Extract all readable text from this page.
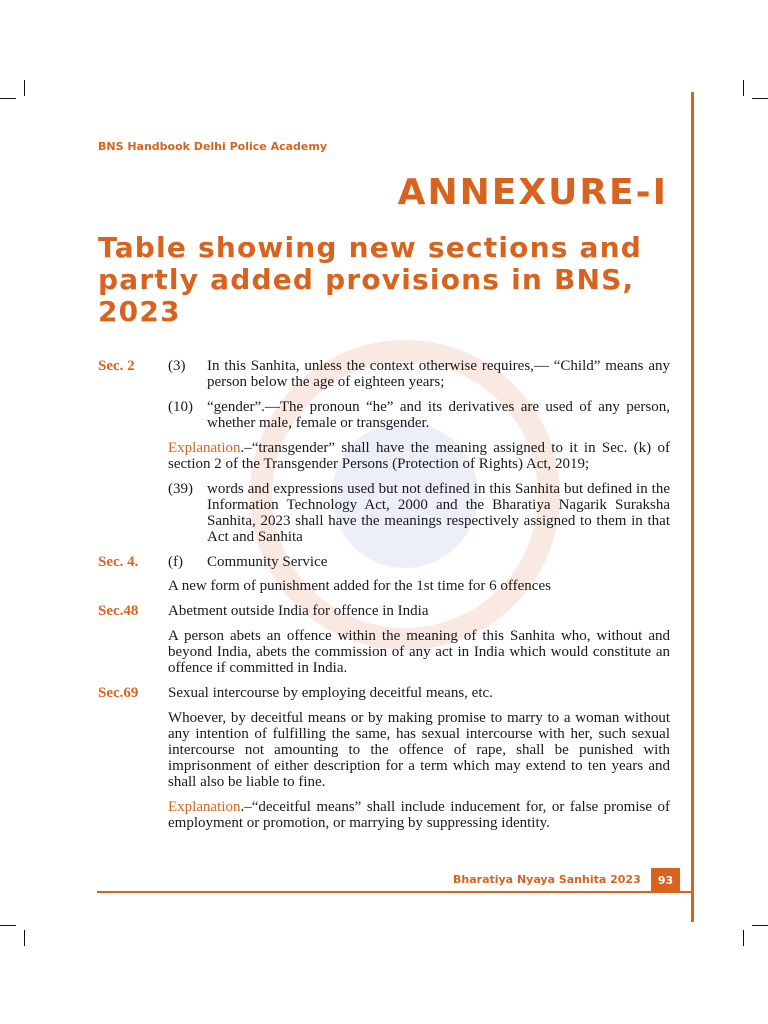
BNS Handbook Delhi Police Academy
ANNEXURE-I
Table showing new sections and partly added provisions in BNS, 2023
Sec. 2	(3)	In this Sanhita, unless the context otherwise requires,–– “Child” means any person below the age of eighteen years;
(10) “gender”.—The pronoun “he” and its derivatives are used of any person, whether male, female or transgender.
Explanation.–“transgender” shall have the meaning assigned to it in Sec. (k) of section 2 of the Transgender Persons (Protection of Rights) Act, 2019;
(39) words and expressions used but not defined in this Sanhita but defined in the Information Technology Act, 2000 and the Bharatiya Nagarik Suraksha Sanhita, 2023 shall have the meanings respectively assigned to them in that Act and Sanhita
Sec. 4.	(f)	Community Service
A new form of punishment added for the 1st time for 6 offences
Sec.48	Abetment outside India for offence in India
A person abets an offence within the meaning of this Sanhita who, without and beyond India, abets the commission of any act in India which would constitute an offence if committed in India.
Sec.69	Sexual intercourse by employing deceitful means, etc.
Whoever, by deceitful means or by making promise to marry to a woman without any intention of fulfilling the same, has sexual intercourse with her, such sexual intercourse not amounting to the offence of rape, shall be punished with imprisonment of either description for a term which may extend to ten years and shall also be liable to fine.
Explanation.–“deceitful means” shall include inducement for, or false promise of employment or promotion, or marrying by suppressing identity.
Bharatiya Nyaya Sanhita 2023	93
